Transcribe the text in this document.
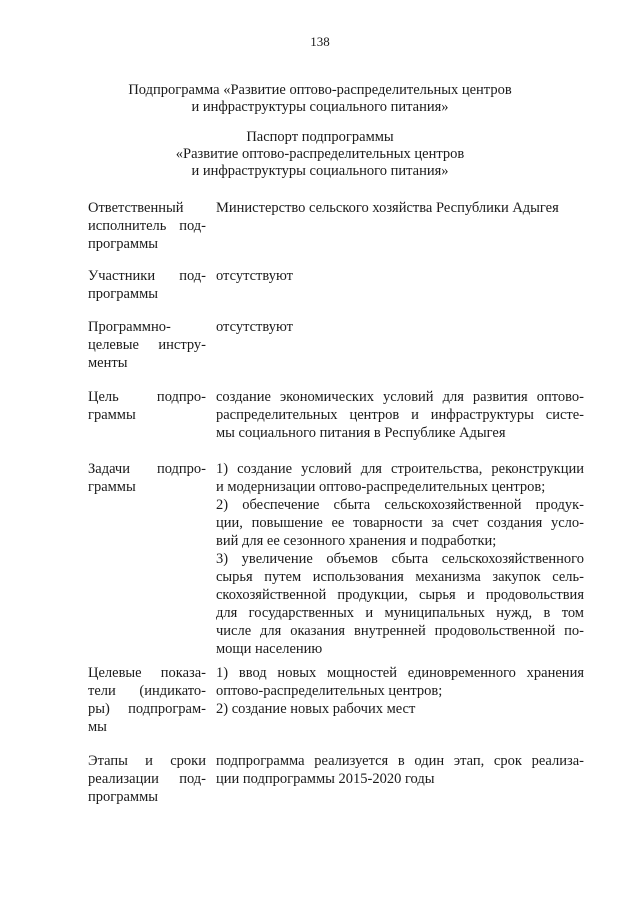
138
Подпрограмма «Развитие оптово-распределительных центров
и инфраструктуры социального питания»
Паспорт подпрограммы
«Развитие оптово-распределительных центров
и инфраструктуры социального питания»
Ответственный
исполнитель под-
программы
Министерство сельского хозяйства Республики Адыгея
Участники под-
программы
отсутствуют
Программно-
целевые инстру-
менты
отсутствуют
Цель подпро-
граммы
создание экономических условий для развития оптово-
распределительных центров и инфраструктуры систе-
мы социального питания в Республике Адыгея
Задачи подпро-
граммы
1) создание условий для строительства, реконструкции
и модернизации оптово-распределительных центров;
2) обеспечение сбыта сельскохозяйственной продук-
ции, повышение ее товарности за счет создания усло-
вий для ее сезонного хранения и подработки;
3) увеличение объемов сбыта сельскохозяйственного
сырья путем использования механизма закупок сель-
скохозяйственной продукции, сырья и продовольствия
для государственных и муниципальных нужд, в том
числе для оказания внутренней продовольственной по-
мощи населению
Целевые показа-
тели (индикато-
ры) подпрограм-
мы
1) ввод новых мощностей единовременного хранения
оптово-распределительных центров;
2) создание новых рабочих мест
Этапы и сроки
реализации под-
программы
подпрограмма реализуется в один этап, срок реализа-
ции подпрограммы 2015-2020 годы
